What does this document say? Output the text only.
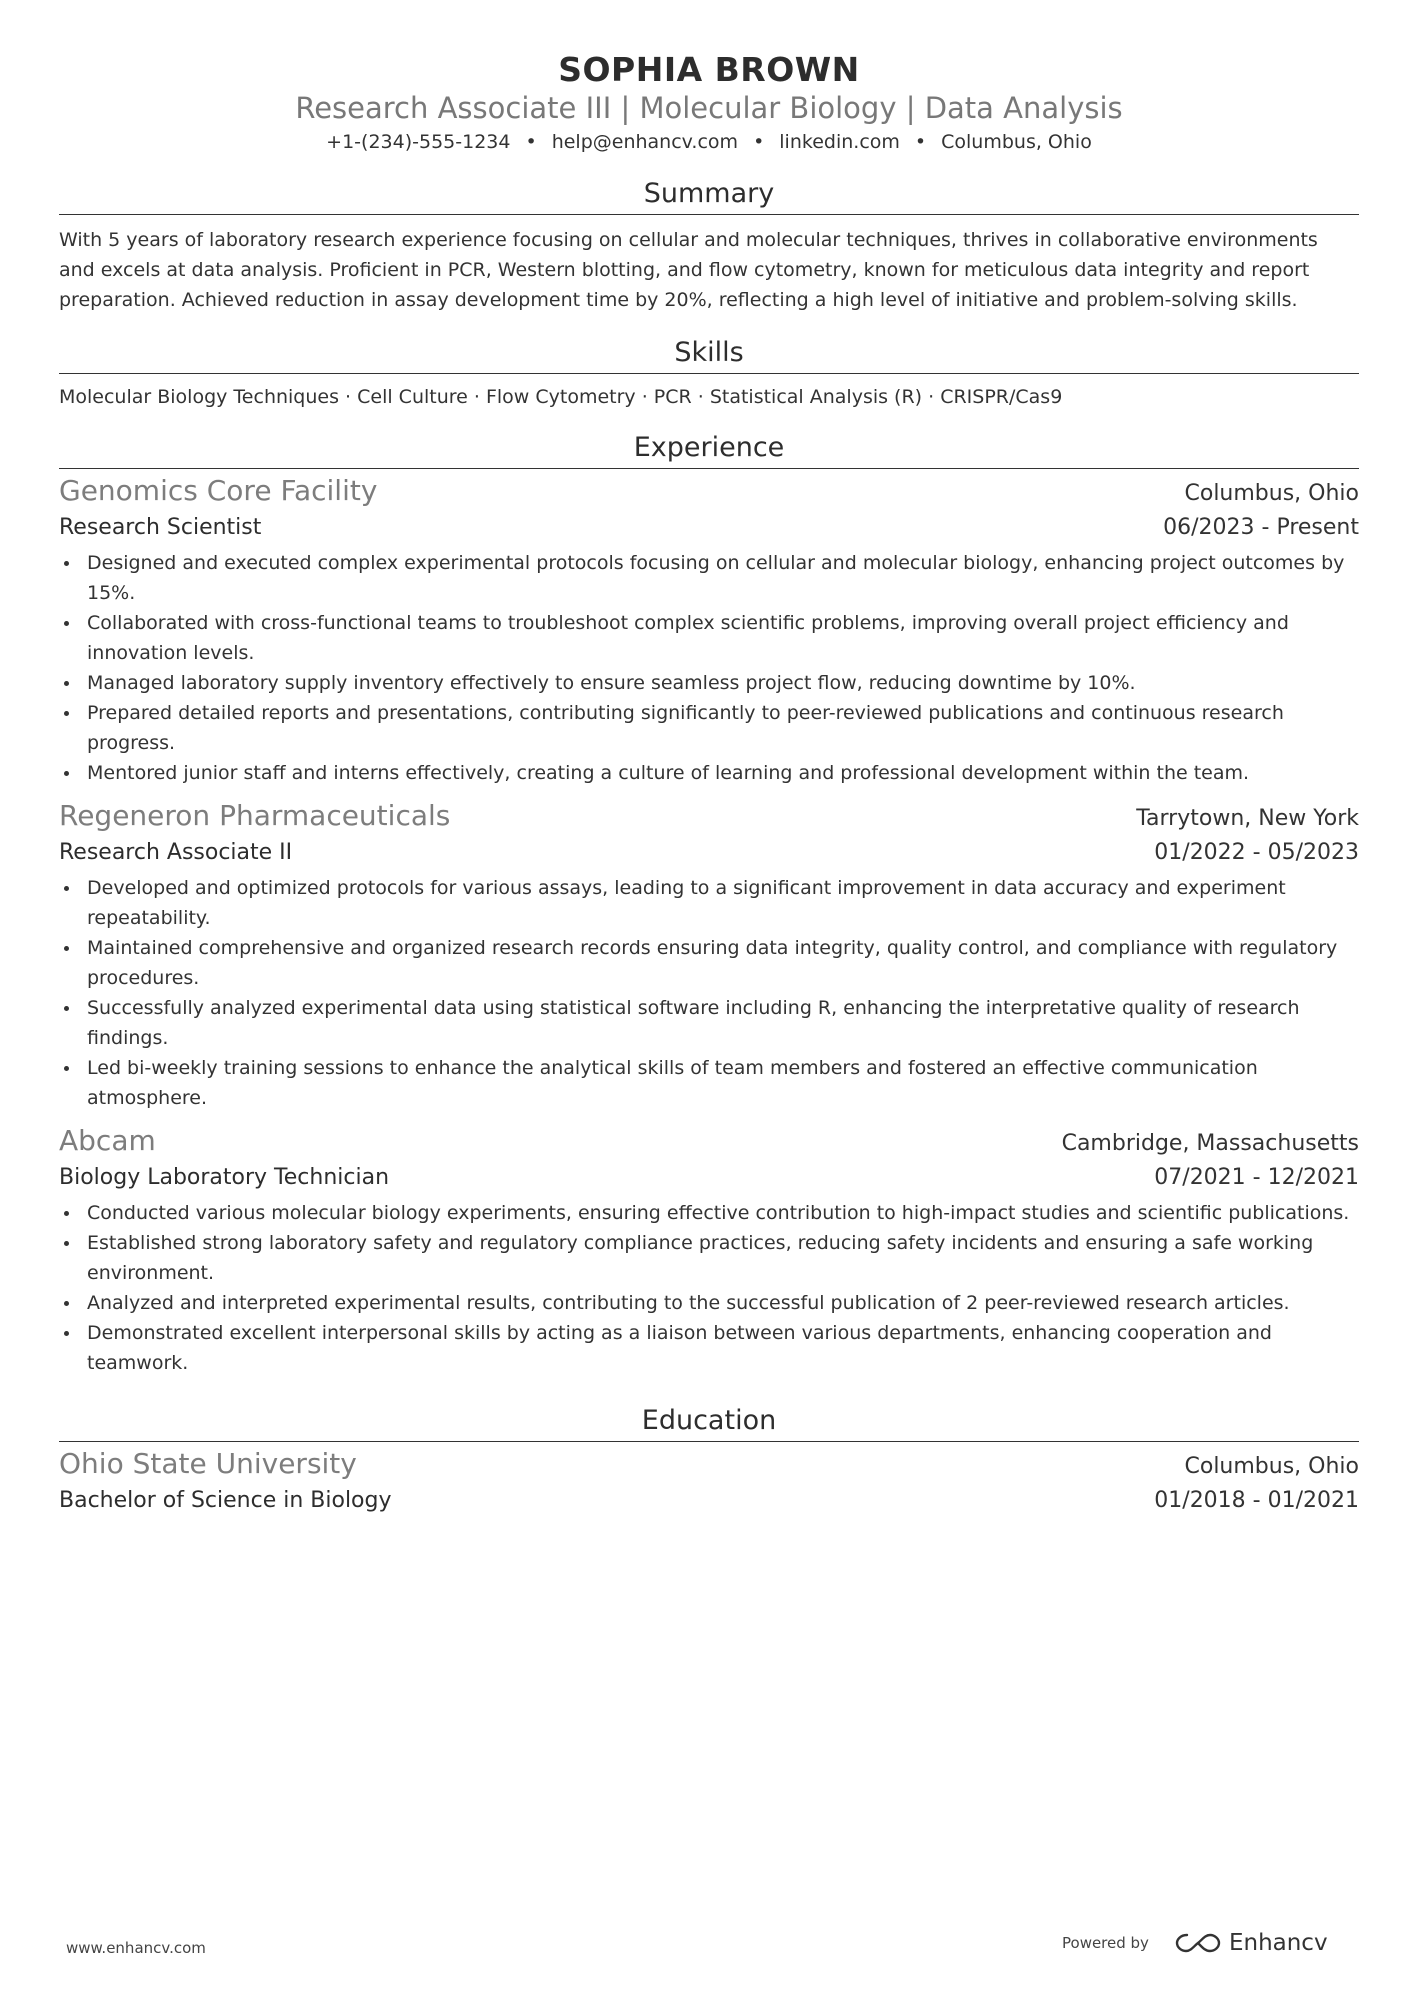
SOPHIA BROWN
Research Associate III | Molecular Biology | Data Analysis
+1-(234)-555-1234 • help@enhancv.com • linkedin.com • Columbus, Ohio
Summary

With 5 years of laboratory research experience focusing on cellular and molecular techniques, thrives in collaborative environments and excels at data analysis. Proficient in PCR, Western blotting, and flow cytometry, known for meticulous data integrity and report preparation. Achieved reduction in assay development time by 20%, reflecting a high level of initiative and problem-solving skills.

Skills
Molecular Biology Techniques · Cell Culture · Flow Cytometry · PCR · Statistical Analysis (R) · CRISPR/Cas9
Experience
Genomics Core Facility	Columbus, Ohio
Research Scientist	06/2023 - Present
Designed and executed complex experimental protocols focusing on cellular and molecular biology, enhancing project outcomes by 15%.
Collaborated with cross-functional teams to troubleshoot complex scientific problems, improving overall project efficiency and innovation levels.
Managed laboratory supply inventory effectively to ensure seamless project flow, reducing downtime by 10%.
Prepared detailed reports and presentations, contributing significantly to peer-reviewed publications and continuous research progress.
Mentored junior staff and interns effectively, creating a culture of learning and professional development within the team.
Regeneron Pharmaceuticals	Tarrytown, New York
Research Associate II	01/2022 - 05/2023
Developed and optimized protocols for various assays, leading to a significant improvement in data accuracy and experiment repeatability.
Maintained comprehensive and organized research records ensuring data integrity, quality control, and compliance with regulatory procedures.
Successfully analyzed experimental data using statistical software including R, enhancing the interpretative quality of research findings.
Led bi-weekly training sessions to enhance the analytical skills of team members and fostered an effective communication atmosphere.
Abcam	Cambridge, Massachusetts
Biology Laboratory Technician	07/2021 - 12/2021
Conducted various molecular biology experiments, ensuring effective contribution to high-impact studies and scientific publications.
Established strong laboratory safety and regulatory compliance practices, reducing safety incidents and ensuring a safe working environment.
Analyzed and interpreted experimental results, contributing to the successful publication of 2 peer-reviewed research articles.
Demonstrated excellent interpersonal skills by acting as a liaison between various departments, enhancing cooperation and teamwork.
Education
Ohio State University	Columbus, Ohio
Bachelor of Science in Biology	01/2018 - 01/2021
www.enhancv.com	Powered by	Enhancv
